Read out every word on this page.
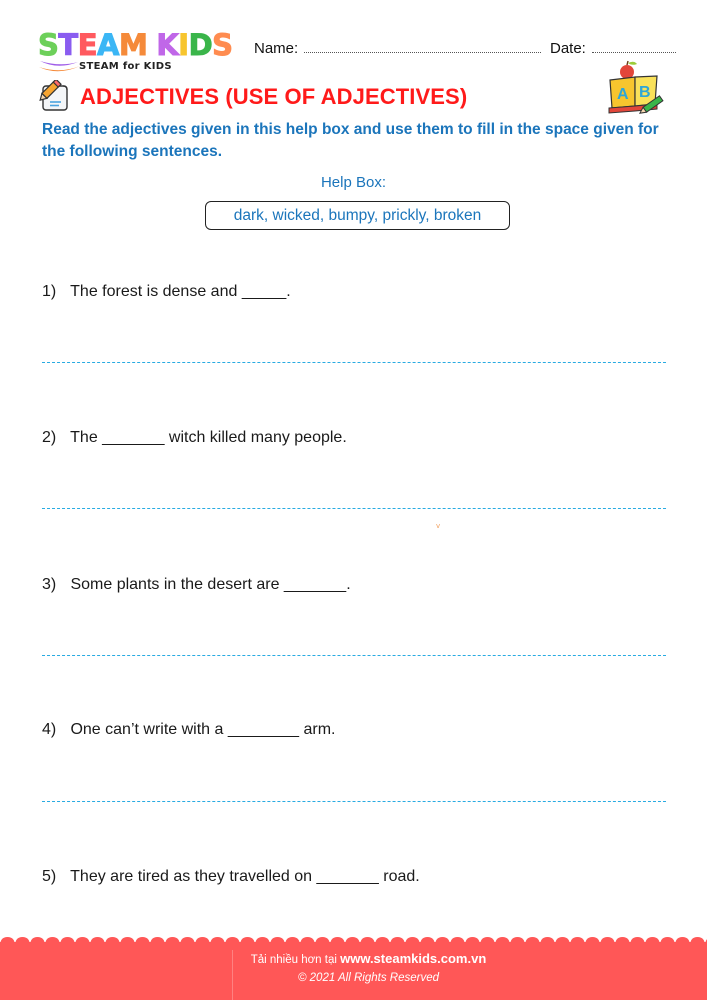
STEAM KIDS
STEAM for KIDS
Name:	Date:
ADJECTIVES (USE OF ADJECTIVES)	A B
Read the adjectives given in this help box and use them to fill in the space given for the following sentences.
Help Box:
dark, wicked, bumpy, prickly, broken
1) The forest is dense and _____.
2) The _______ witch killed many people.
v
3) Some plants in the desert are _______.
4) One can’t write with a ________ arm.
5) They are tired as they travelled on _______ road.
Tải nhiều hơn tại www.steamkids.com.vn
© 2021 All Rights Reserved
